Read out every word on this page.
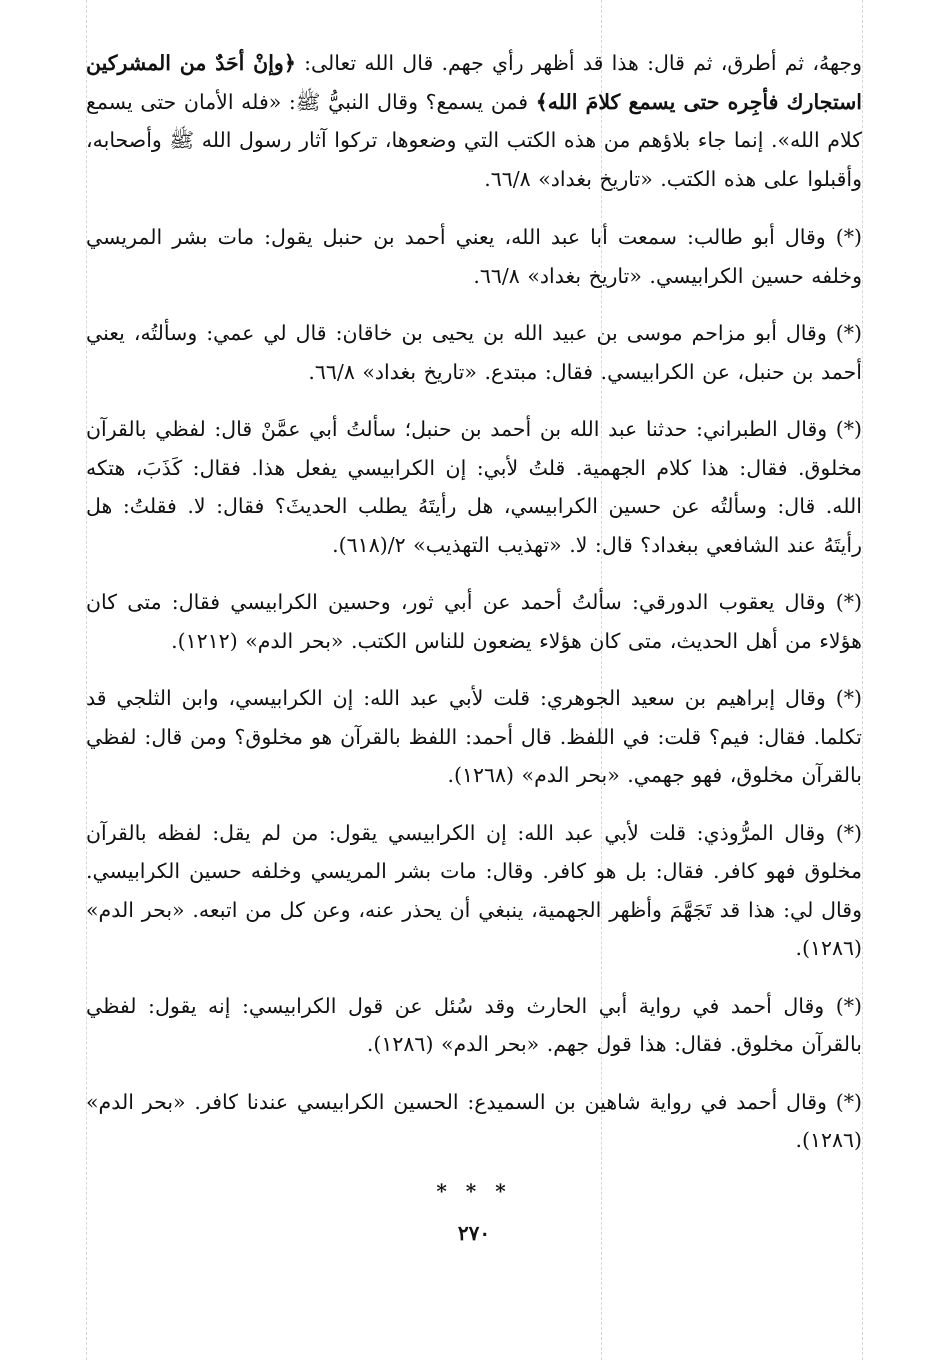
وجههُ، ثم أطرق، ثم قال: هذا قد أظهر رأي جهم. قال الله تعالى: ﴿وإنْ أحَدٌ من المشركين استجارك فأجِره حتى يسمع كلامَ الله﴾ فمن يسمع؟ وقال النبيُّ ﷺ: «فله الأمان حتى يسمع كلام الله». إنما جاء بلاؤهم من هذه الكتب التي وضعوها، تركوا آثار رسول الله ﷺ وأصحابه، وأقبلوا على هذه الكتب. «تاريخ بغداد» ٦٦/٨.

(*) وقال أبو طالب: سمعت أبا عبد الله، يعني أحمد بن حنبل يقول: مات بشر المريسي وخلفه حسين الكرابيسي. «تاريخ بغداد» ٦٦/٨.

(*) وقال أبو مزاحم موسى بن عبيد الله بن يحيى بن خاقان: قال لي عمي: وسألتُه، يعني أحمد بن حنبل، عن الكرابيسي. فقال: مبتدع. «تاريخ بغداد» ٦٦/٨.

(*) وقال الطبراني: حدثنا عبد الله بن أحمد بن حنبل؛ سألتُ أبي عمَّنْ قال: لفظي بالقرآن مخلوق. فقال: هذا كلام الجهمية. قلتُ لأبي: إن الكرابيسي يفعل هذا. فقال: كَذَبَ، هتكه الله. قال: وسألتُه عن حسين الكرابيسي، هل رأيتَهُ يطلب الحديثَ؟ فقال: لا. فقلتُ: هل رأيتَهُ عند الشافعي ببغداد؟ قال: لا. «تهذيب التهذيب» ٢/(٦١٨).

(*) وقال يعقوب الدورقي: سألتُ أحمد عن أبي ثور، وحسين الكرابيسي فقال: متى كان هؤلاء من أهل الحديث، متى كان هؤلاء يضعون للناس الكتب. «بحر الدم» (١٢١٢).

(*) وقال إبراهيم بن سعيد الجوهري: قلت لأبي عبد الله: إن الكرابيسي، وابن الثلجي قد تكلما. فقال: فيم؟ قلت: في اللفظ. قال أحمد: اللفظ بالقرآن هو مخلوق؟ ومن قال: لفظي بالقرآن مخلوق، فهو جهمي. «بحر الدم» (١٢٦٨).

(*) وقال المرُّوذي: قلت لأبي عبد الله: إن الكرابيسي يقول: من لم يقل: لفظه بالقرآن مخلوق فهو كافر. فقال: بل هو كافر. وقال: مات بشر المريسي وخلفه حسين الكرابيسي. وقال لي: هذا قد تَجَهَّمَ وأظهر الجهمية، ينبغي أن يحذر عنه، وعن كل من اتبعه. «بحر الدم» (١٢٨٦).

(*) وقال أحمد في رواية أبي الحارث وقد سُئل عن قول الكرابيسي: إنه يقول: لفظي بالقرآن مخلوق. فقال: هذا قول جهم. «بحر الدم» (١٢٨٦).

(*) وقال أحمد في رواية شاهين بن السميدع: الحسين الكرابيسي عندنا كافر. «بحر الدم» (١٢٨٦).

* * *
٢٧٠
